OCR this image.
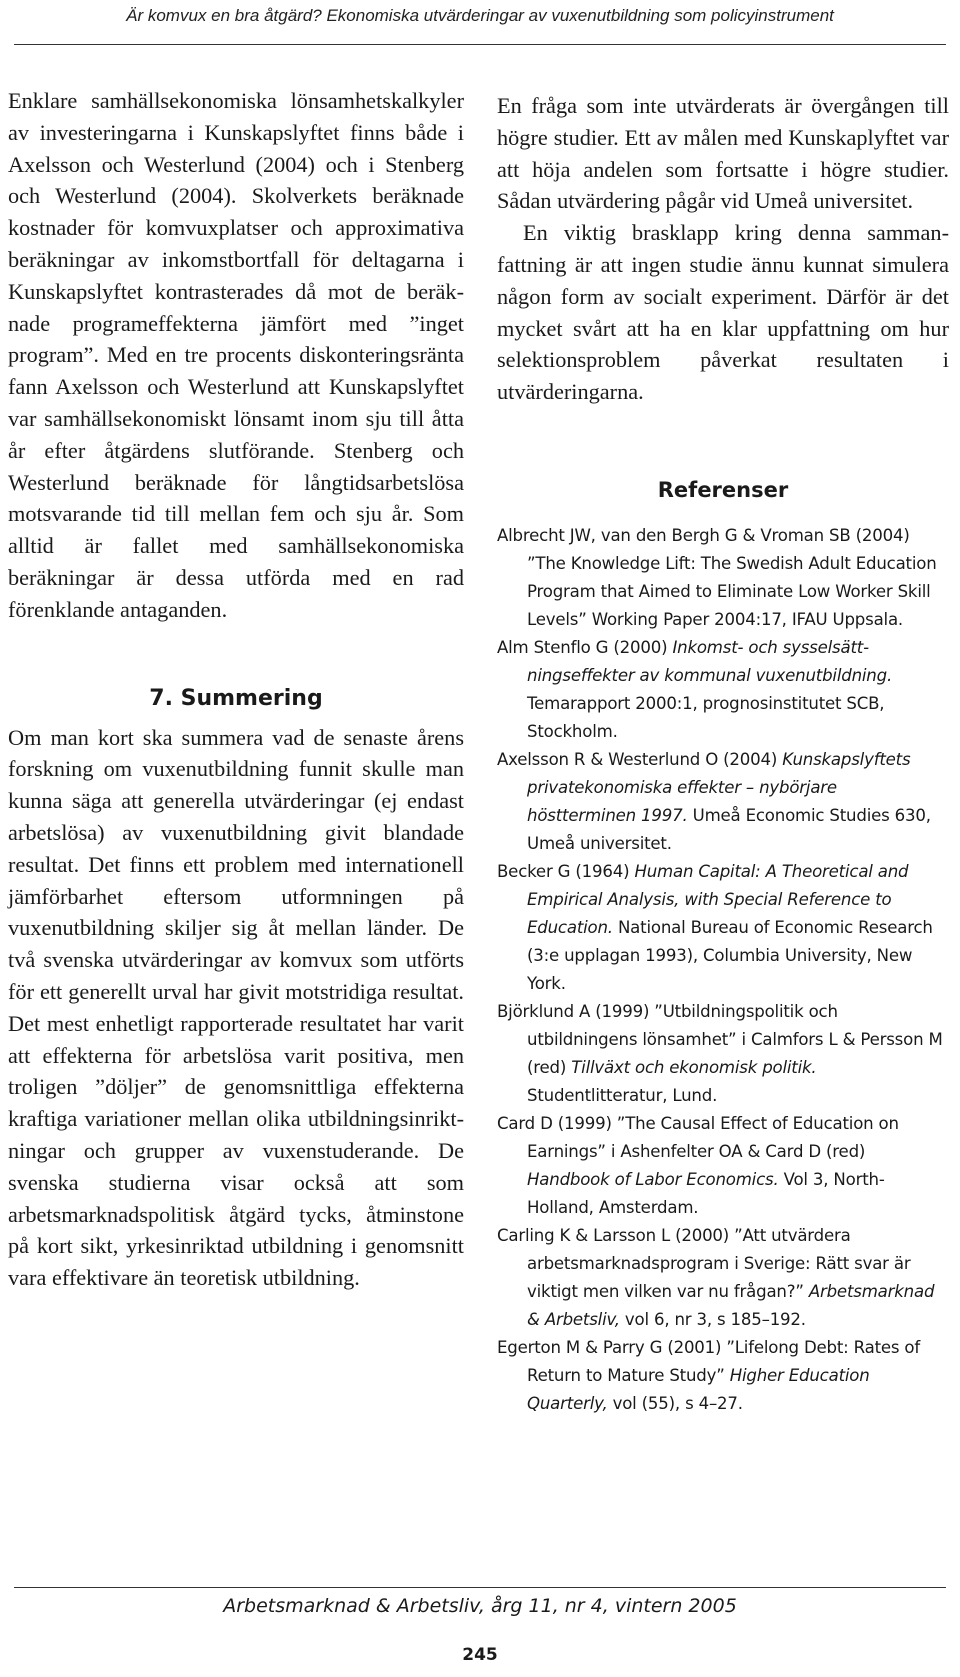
Är komvux en bra åtgärd? Ekonomiska utvärderingar av vuxenutbildning som policyinstrument

Enklare samhällsekonomiska lönsamhetskalkyler av investeringarna i Kunskapslyftet finns både i Axelsson och Westerlund (2004) och i Stenberg och Westerlund (2004). Skolverkets beräknade kostnader för komvuxplatser och approximativa beräkningar av inkomstbortfall för deltagarna i Kunskapslyftet kontrasterades då mot de beräknade programeffekterna jämfört med ”inget program”. Med en tre procents diskonteringsränta fann Axelsson och Westerlund att Kunskapslyftet var samhällsekonomiskt lönsamt inom sju till åtta år efter åtgärdens slutförande. Stenberg och Westerlund beräknade för långtidsarbetslösa motsvarande tid till mellan fem och sju år. Som alltid är fallet med samhällsekonomiska beräkningar är dessa utförda med en rad förenklande antaganden.

7. Summering

Om man kort ska summera vad de senaste årens forskning om vuxenutbildning funnit skulle man kunna säga att generella utvärderingar (ej endast arbetslösa) av vuxenutbildning givit blandade resultat. Det finns ett problem med internationell jämförbarhet eftersom utformningen på vuxenutbildning skiljer sig åt mellan länder. De två svenska utvärderingar av komvux som utförts för ett generellt urval har givit motstridiga resultat. Det mest enhetligt rapporterade resultatet har varit att effekterna för arbetslösa varit positiva, men troligen ”döljer” de genomsnittliga effekterna kraftiga variationer mellan olika utbildningsinriktningar och grupper av vuxenstuderande. De svenska studierna visar också att som arbetsmarknadspolitisk åtgärd tycks, åtminstone på kort sikt, yrkesinriktad utbildning i genomsnitt vara effektivare än teoretisk utbildning.

En fråga som inte utvärderats är övergången till högre studier. Ett av målen med Kunskaplyftet var att höja andelen som fortsatte i högre studier. Sådan utvärdering pågår vid Umeå universitet.

En viktig brasklapp kring denna sammanfattning är att ingen studie ännu kunnat simulera någon form av socialt experiment. Därför är det mycket svårt att ha en klar uppfattning om hur selektionsproblem påverkat resultaten i utvärderingarna.

Referenser

Albrecht JW, van den Bergh G & Vroman SB (2004) ”The Knowledge Lift: The Swedish Adult Education Program that Aimed to Eliminate Low Worker Skill Levels” Working Paper 2004:17, IFAU Uppsala.

Alm Stenflo G (2000) Inkomst- och sysselsättningseffekter av kommunal vuxenutbildning. Temarapport 2000:1, prognosinstitutet SCB, Stockholm.

Axelsson R & Westerlund O (2004) Kunskapslyftets privatekonomiska effekter – nybörjare höstterminen 1997. Umeå Economic Studies 630, Umeå universitet.

Becker G (1964) Human Capital: A Theoretical and Empirical Analysis, with Special Reference to Education. National Bureau of Economic Research (3:e upplagan 1993), Columbia University, New York.

Björklund A (1999) ”Utbildningspolitik och utbildningens lönsamhet” i Calmfors L & Persson M (red) Tillväxt och ekonomisk politik. Studentlitteratur, Lund.

Card D (1999) ”The Causal Effect of Education on Earnings” i Ashenfelter OA & Card D (red) Handbook of Labor Economics. Vol 3, North-Holland, Amsterdam.

Carling K & Larsson L (2000) ”Att utvärdera arbetsmarknadsprogram i Sverige: Rätt svar är viktigt men vilken var nu frågan?” Arbetsmarknad & Arbetsliv, vol 6, nr 3, s 185–192.

Egerton M & Parry G (2001) ”Lifelong Debt: Rates of Return to Mature Study” Higher Education Quarterly, vol (55), s 4–27.

Arbetsmarknad & Arbetsliv, årg 11, nr 4, vintern 2005
245
